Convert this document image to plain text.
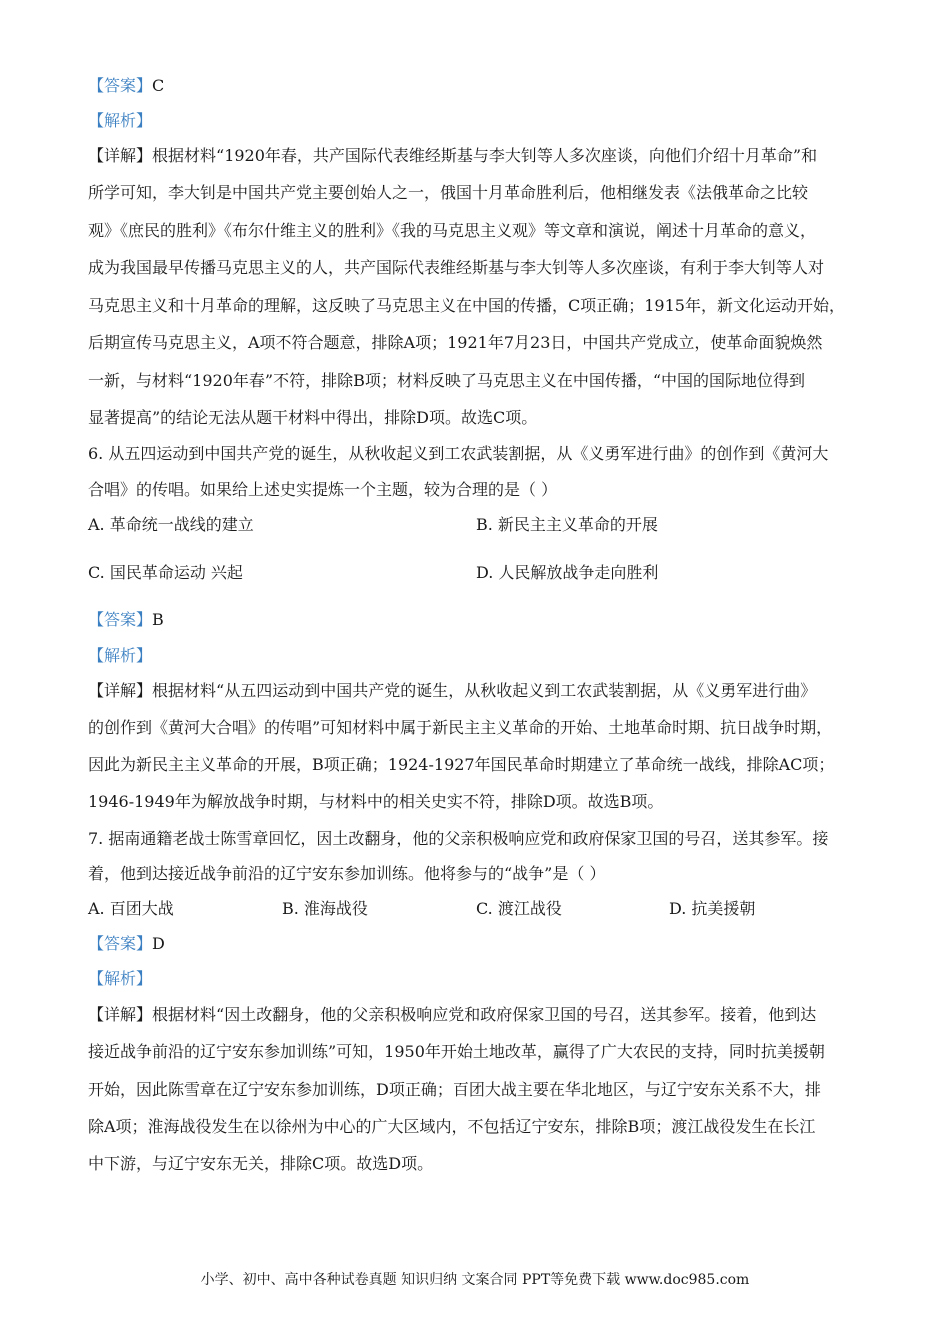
【答案】C
【解析】
【详解】根据材料“1920年春，共产国际代表维经斯基与李大钊等人多次座谈，向他们介绍十月革命”和
所学可知，李大钊是中国共产党主要创始人之一，俄国十月革命胜利后，他相继发表《法俄革命之比较
观》《庶民的胜利》《布尔什维主义的胜利》《我的马克思主义观》等文章和演说，阐述十月革命的意义，
成为我国最早传播马克思主义的人，共产国际代表维经斯基与李大钊等人多次座谈，有利于李大钊等人对
马克思主义和十月革命的理解，这反映了马克思主义在中国的传播，C项正确；1915年，新文化运动开始，
后期宣传马克思主义，A项不符合题意，排除A项；1921年7月23日，中国共产党成立，使革命面貌焕然
一新，与材料“1920年春”不符，排除B项；材料反映了马克思主义在中国传播，“中国的国际地位得到
显著提高”的结论无法从题干材料中得出，排除D项。故选C项。
6. 从五四运动到中国共产党的诞生，从秋收起义到工农武装割据，从《义勇军进行曲》的创作到《黄河大
合唱》的传唱。如果给上述史实提炼一个主题，较为合理的是（ ）
A. 革命统一战线的建立	B. 新民主主义革命的开展
C. 国民革命运动 兴起	D. 人民解放战争走向胜利
【答案】B
【解析】
【详解】根据材料“从五四运动到中国共产党的诞生，从秋收起义到工农武装割据，从《义勇军进行曲》
的创作到《黄河大合唱》的传唱”可知材料中属于新民主主义革命的开始、土地革命时期、抗日战争时期，
因此为新民主主义革命的开展，B项正确；1924-1927年国民革命时期建立了革命统一战线，排除AC项；
1946-1949年为解放战争时期，与材料中的相关史实不符，排除D项。故选B项。
7. 据南通籍老战士陈雪章回忆，因土改翻身，他的父亲积极响应党和政府保家卫国的号召，送其参军。接
着，他到达接近战争前沿的辽宁安东参加训练。他将参与的“战争”是（ ）
A. 百团大战	B. 淮海战役	C. 渡江战役	D. 抗美援朝
【答案】D
【解析】
【详解】根据材料“因土改翻身，他的父亲积极响应党和政府保家卫国的号召，送其参军。接着，他到达
接近战争前沿的辽宁安东参加训练”可知，1950年开始土地改革，赢得了广大农民的支持，同时抗美援朝
开始，因此陈雪章在辽宁安东参加训练，D项正确；百团大战主要在华北地区，与辽宁安东关系不大，排
除A项；淮海战役发生在以徐州为中心的广大区域内，不包括辽宁安东，排除B项；渡江战役发生在长江
中下游，与辽宁安东无关，排除C项。故选D项。
小学、初中、高中各种试卷真题 知识归纳 文案合同 PPT等免费下载 www.doc985.com
